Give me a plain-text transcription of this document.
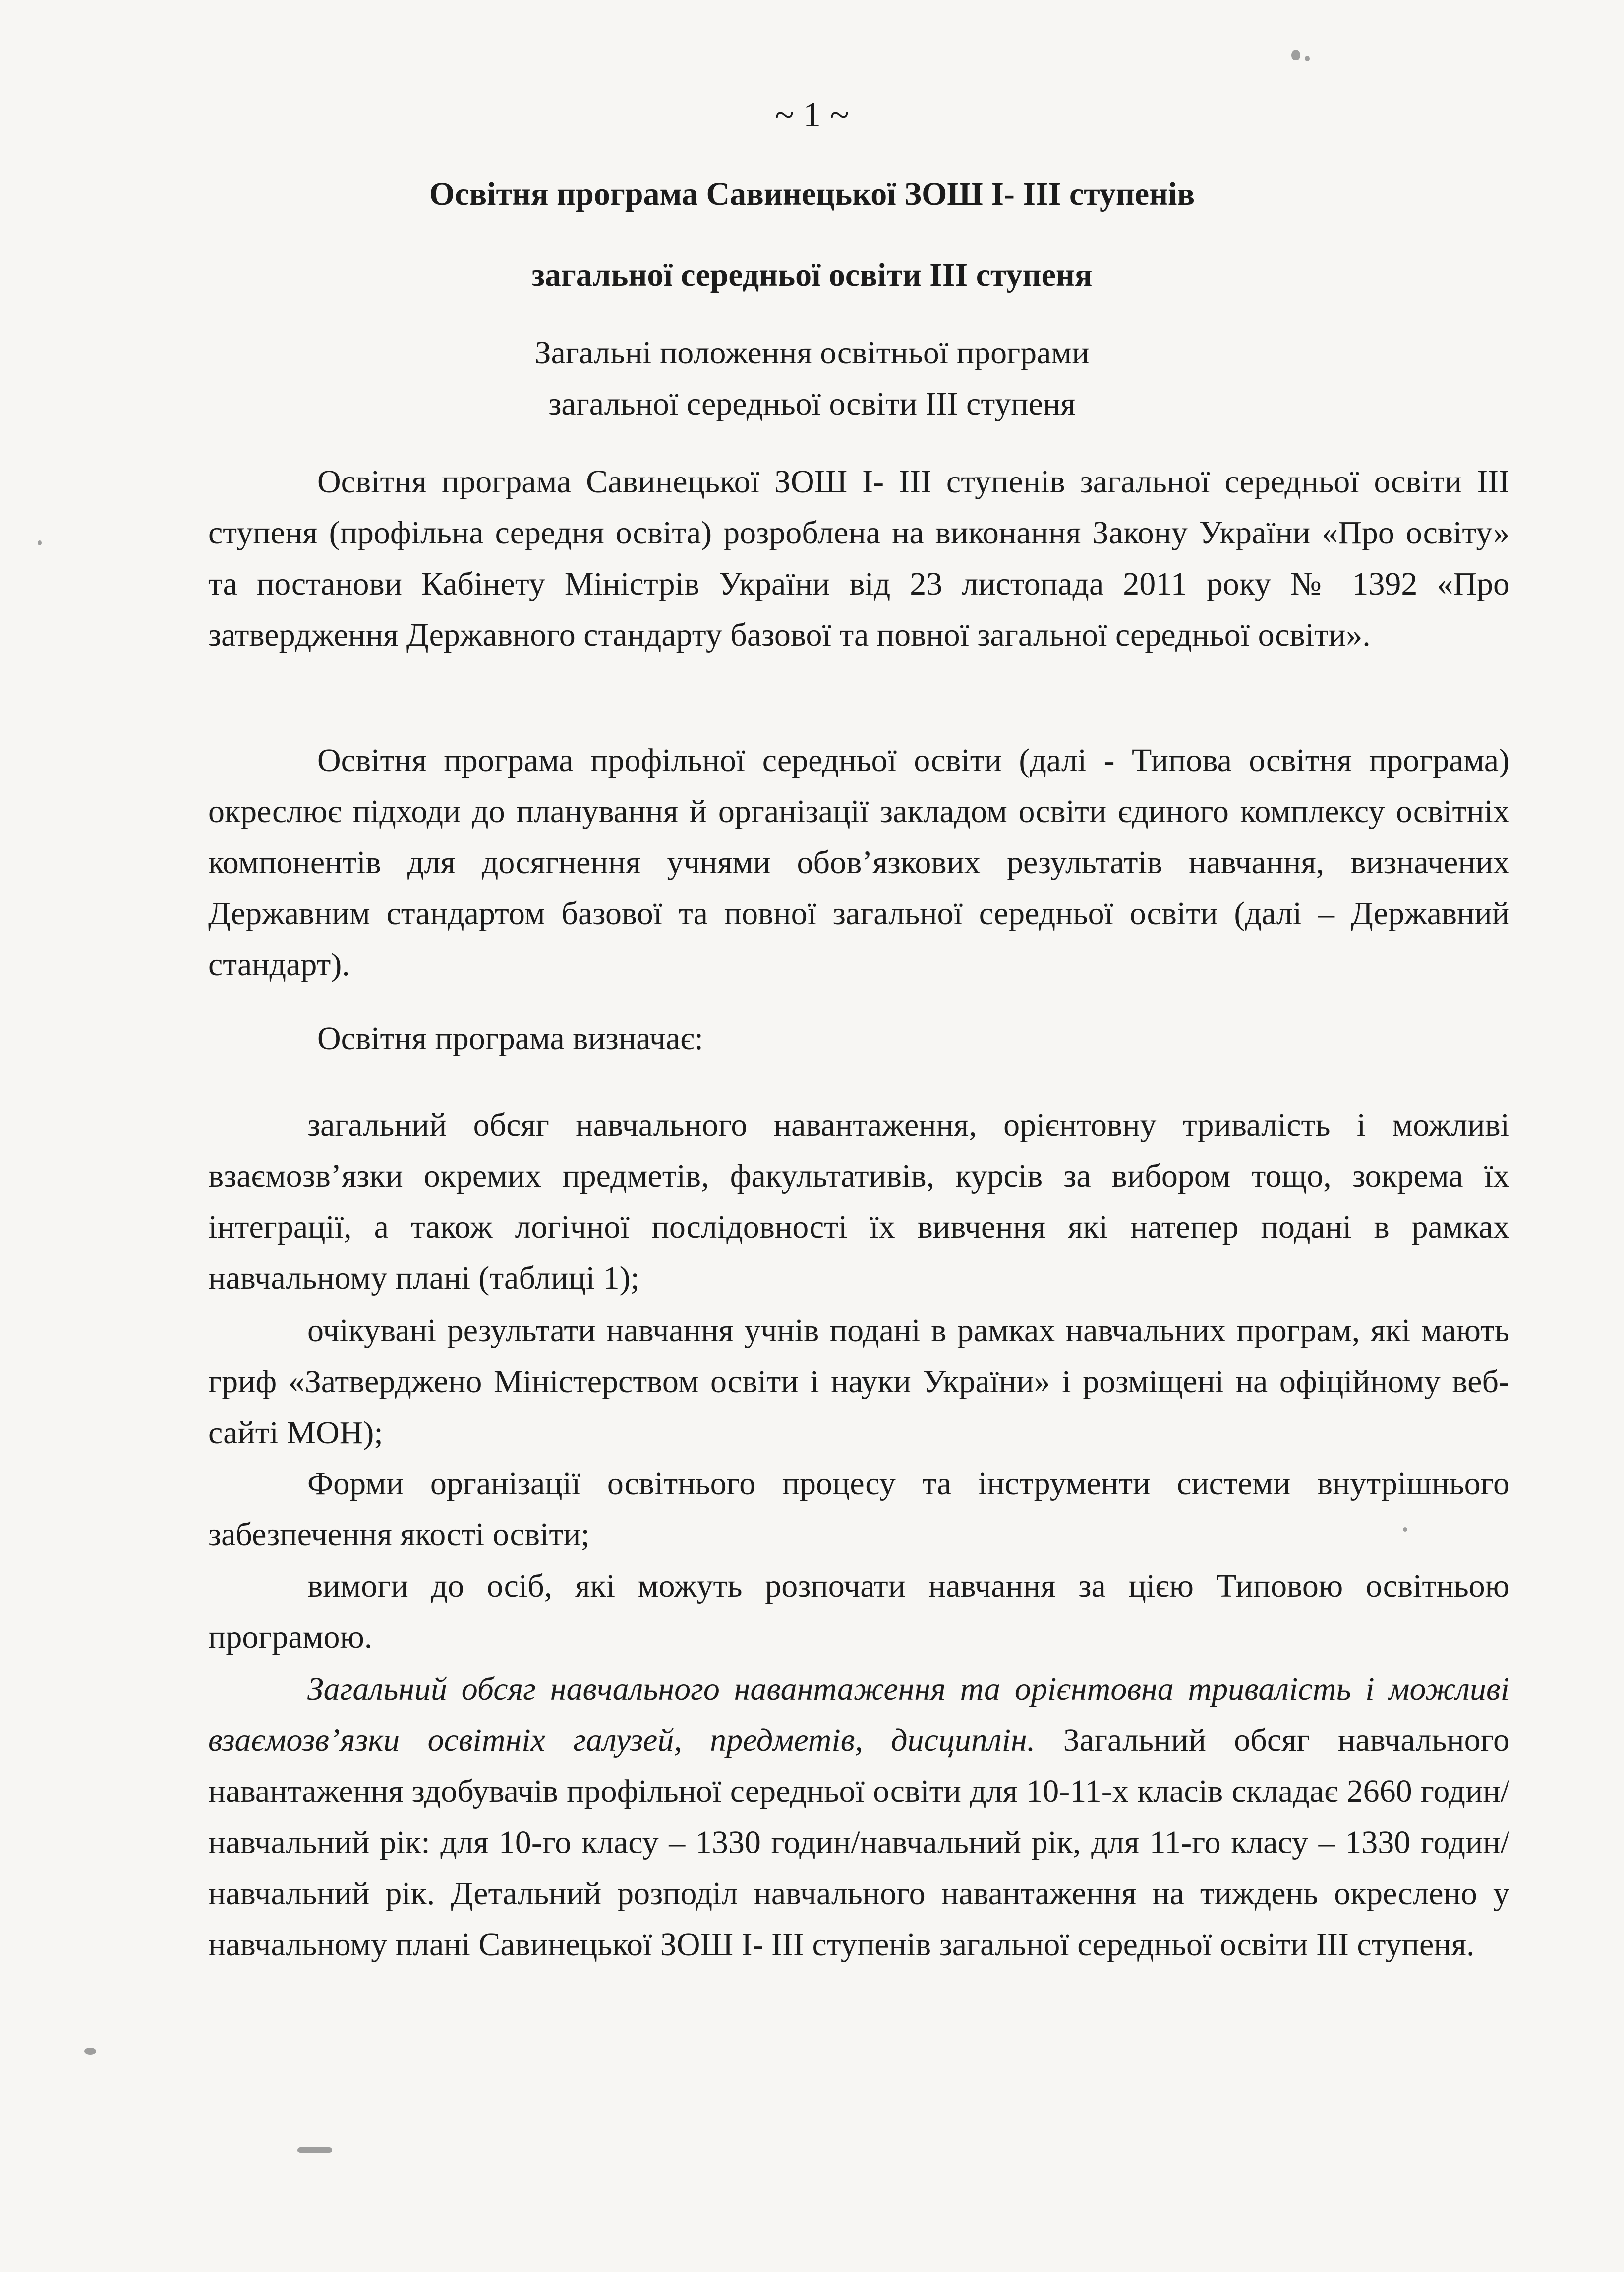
~ 1 ~
Освітня програма Савинецької ЗОШ І- ІІІ ступенів
загальної середньої освіти ІІІ ступеня
Загальні положення освітньої програми
загальної середньої освіти ІІІ ступеня

Освітня програма Савинецької ЗОШ І- ІІІ ступенів загальної середньої освіти ІІІ ступеня (профільна середня освіта) розроблена на виконання Закону України «Про освіту» та постанови Кабінету Міністрів України від 23 листопада 2011 року № 1392 «Про затвердження Державного стандарту базової та повної загальної середньої освіти».

Освітня програма профільної середньої освіти (далі - Типова освітня програма) окреслює підходи до планування й організації закладом освіти єдиного комплексу освітніх компонентів для досягнення учнями обов’язкових результатів навчання, визначених Державним стандартом базової та повної загальної середньої освіти (далі – Державний стандарт).

Освітня програма визначає:

загальний обсяг навчального навантаження, орієнтовну тривалість і можливі взаємозв’язки окремих предметів, факультативів, курсів за вибором тощо, зокрема їх інтеграції, а також логічної послідовності їх вивчення які натепер подані в рамках навчальному плані (таблиці 1);

очікувані результати навчання учнів подані в рамках навчальних програм, які мають гриф «Затверджено Міністерством освіти і науки України» і розміщені на офіційному веб-сайті МОН);

Форми організації освітнього процесу та інструменти системи внутрішнього забезпечення якості освіти;

вимоги до осіб, які можуть розпочати навчання за цією Типовою освітньою програмою.

Загальний обсяг навчального навантаження та орієнтовна тривалість і можливі взаємозв’язки освітніх галузей, предметів, дисциплін. Загальний обсяг навчального навантаження здобувачів профільної середньої освіти для 10-11-х класів складає 2660 годин/навчальний рік: для 10-го класу – 1330 годин/навчальний рік, для 11-го класу – 1330 годин/навчальний рік. Детальний розподіл навчального навантаження на тиждень окреслено у навчальному плані Савинецької ЗОШ І- ІІІ ступенів загальної середньої освіти ІІІ ступеня.
